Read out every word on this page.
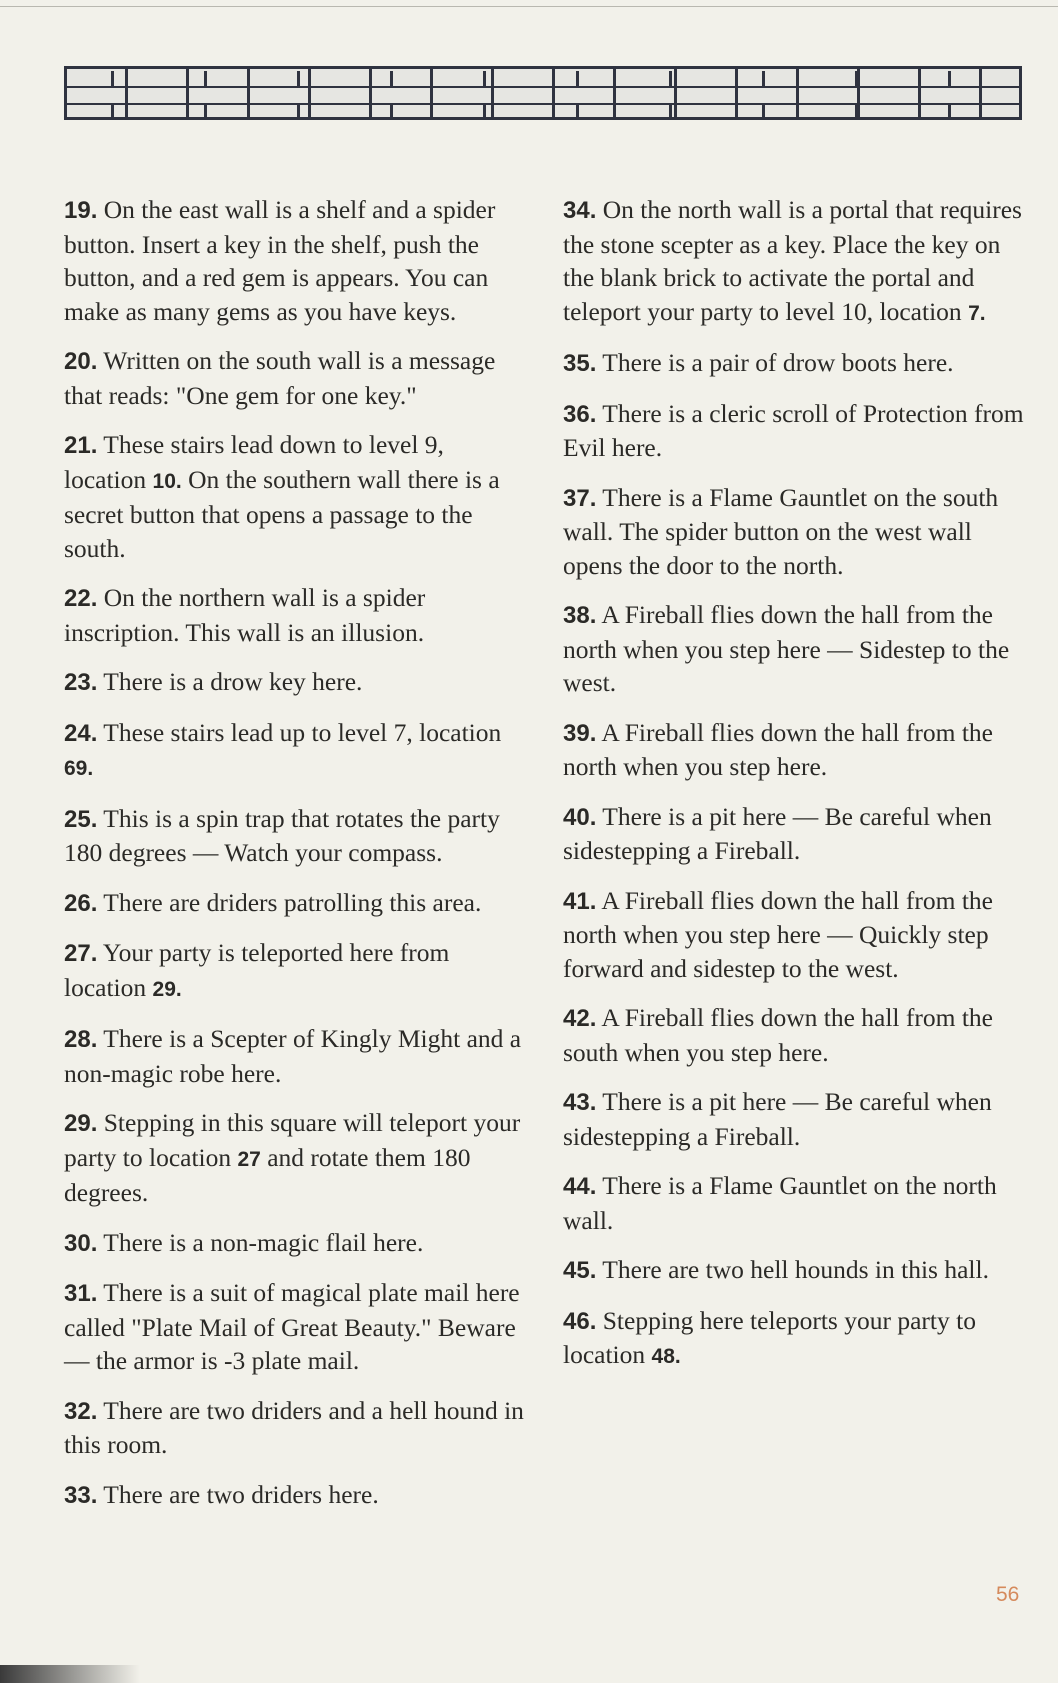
19. On the east wall is a shelf and a spider button. Insert a key in the shelf, push the button, and a red gem is appears. You can make as many gems as you have keys.

20. Written on the south wall is a message that reads: "One gem for one key."

21. These stairs lead down to level 9, location 10. On the southern wall there is a secret button that opens a passage to the south.

22. On the northern wall is a spider inscription. This wall is an illusion.

23. There is a drow key here.

24. These stairs lead up to level 7, location 69.

25. This is a spin trap that rotates the party 180 degrees — Watch your compass.

26. There are driders patrolling this area.

27. Your party is teleported here from location 29.

28. There is a Scepter of Kingly Might and a non-magic robe here.

29. Stepping in this square will teleport your party to location 27 and rotate them 180 degrees.

30. There is a non-magic flail here.

31. There is a suit of magical plate mail here called "Plate Mail of Great Beauty." Beware — the armor is -3 plate mail.

32. There are two driders and a hell hound in this room.

33. There are two driders here.

34. On the north wall is a portal that requires the stone scepter as a key. Place the key on the blank brick to activate the portal and teleport your party to level 10, location 7.

35. There is a pair of drow boots here.

36. There is a cleric scroll of Protection from Evil here.

37. There is a Flame Gauntlet on the south wall. The spider button on the west wall opens the door to the north.

38. A Fireball flies down the hall from the north when you step here — Sidestep to the west.

39. A Fireball flies down the hall from the north when you step here.

40. There is a pit here — Be careful when sidestepping a Fireball.

41. A Fireball flies down the hall from the north when you step here — Quickly step forward and sidestep to the west.

42. A Fireball flies down the hall from the south when you step here.

43. There is a pit here — Be careful when sidestepping a Fireball.

44. There is a Flame Gauntlet on the north wall.

45. There are two hell hounds in this hall.

46. Stepping here teleports your party to location 48.

56
